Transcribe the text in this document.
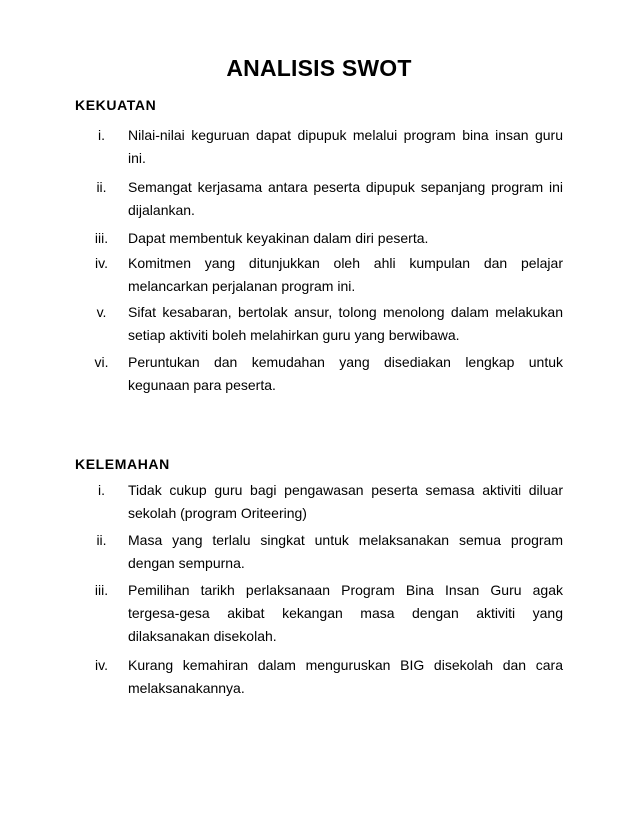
ANALISIS SWOT
KEKUATAN
i.	Nilai-nilai keguruan dapat dipupuk melalui program bina insan guru ini.
ii.	Semangat kerjasama antara peserta dipupuk sepanjang program ini dijalankan.
iii.	Dapat membentuk keyakinan dalam diri peserta.
iv.	Komitmen yang ditunjukkan oleh ahli kumpulan dan pelajar melancarkan perjalanan program ini.
v.	Sifat kesabaran, bertolak ansur, tolong menolong dalam melakukan setiap aktiviti boleh melahirkan guru yang berwibawa.
vi.	Peruntukan dan kemudahan yang disediakan lengkap untuk kegunaan para peserta.
KELEMAHAN
i.	Tidak cukup guru bagi pengawasan peserta semasa aktiviti diluar sekolah (program Oriteering)
ii.	Masa yang terlalu singkat untuk melaksanakan semua program dengan sempurna.
iii.	Pemilihan tarikh perlaksanaan Program Bina Insan Guru agak tergesa-gesa akibat kekangan masa dengan aktiviti yang dilaksanakan disekolah.
iv.	Kurang kemahiran dalam menguruskan BIG disekolah dan cara melaksanakannya.
